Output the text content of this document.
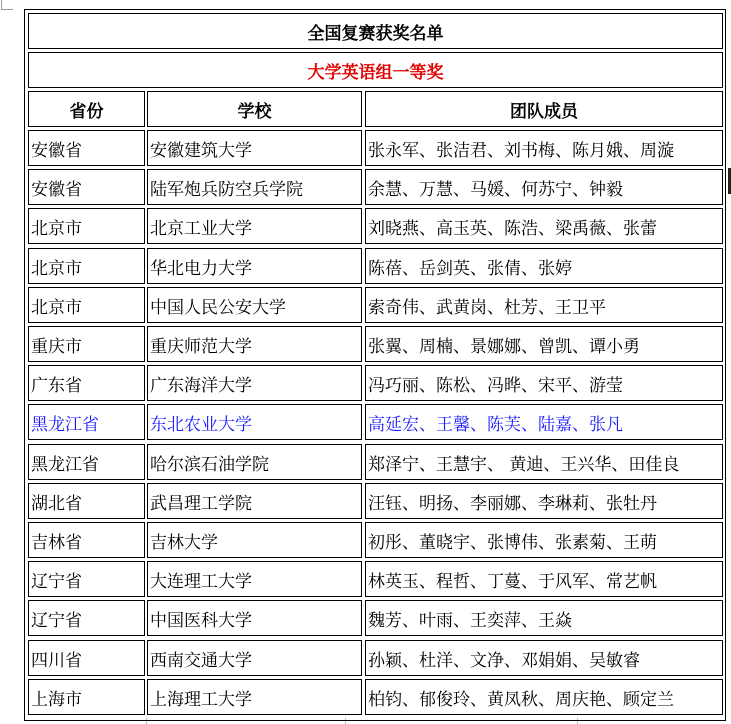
全国复赛获奖名单
大学英语组一等奖
省份	学校	团队成员
安徽省	安徽建筑大学	张永军、张洁君、刘书梅、陈月娥、周漩
安徽省	陆军炮兵防空兵学院	余慧、万慧、马媛、何苏宁、钟毅
北京市	北京工业大学	刘晓燕、高玉英、陈浩、梁禹薇、张蕾
北京市	华北电力大学	陈蓓、岳剑英、张倩、张婷
北京市	中国人民公安大学	索奇伟、武黄岗、杜芳、王卫平
重庆市	重庆师范大学	张翼、周楠、景娜娜、曾凯、谭小勇
广东省	广东海洋大学	冯巧丽、陈松、冯晔、宋平、游莹
黑龙江省	东北农业大学	高延宏、王馨、陈芙、陆嘉、张凡
黑龙江省	哈尔滨石油学院	郑泽宁、王慧宇、 黄迪、王兴华、田佳良
湖北省	武昌理工学院	汪钰、明扬、李丽娜、李琳莉、张牡丹
吉林省	吉林大学	初彤、董晓宇、张博伟、张素菊、王萌
辽宁省	大连理工大学	林英玉、程哲、丁蔓、于风军、常艺帆
辽宁省	中国医科大学	魏芳、叶雨、王奕萍、王焱
四川省	西南交通大学	孙颖、杜洋、文净、邓娟娟、吴敏睿
上海市	上海理工大学	柏钧、郁俊玲、黄凤秋、周庆艳、顾定兰
